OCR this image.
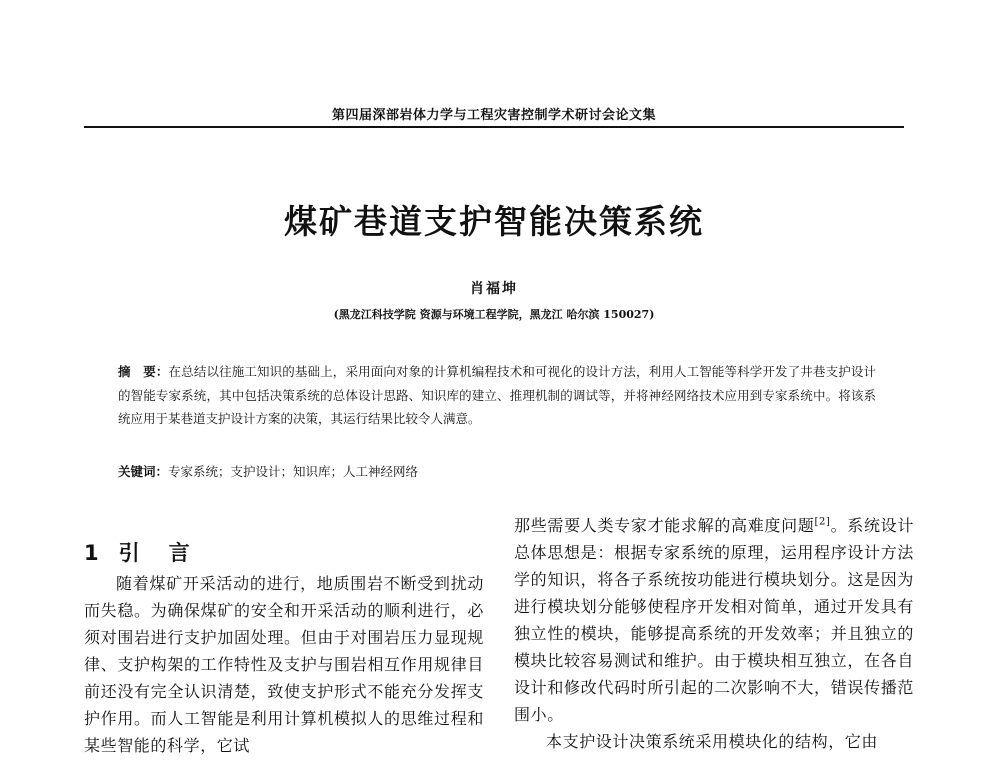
第四届深部岩体力学与工程灾害控制学术研讨会论文集
煤矿巷道支护智能决策系统
肖福坤
(黑龙江科技学院 资源与环境工程学院，黑龙江 哈尔滨 150027)
摘　要：在总结以往施工知识的基础上，采用面向对象的计算机编程技术和可视化的设计方法，利用人工智能等科学开发了井巷支护设计的智能专家系统，其中包括决策系统的总体设计思路、知识库的建立、推理机制的调试等，并将神经网络技术应用到专家系统中。将该系统应用于某巷道支护设计方案的决策，其运行结果比较令人满意。
关键词：专家系统；支护设计；知识库；人工神经网络
1 引　言
随着煤矿开采活动的进行，地质围岩不断受到扰动而失稳。为确保煤矿的安全和开采活动的顺利进行，必须对围岩进行支护加固处理。但由于对围岩压力显现规律、支护构架的工作特性及支护与围岩相互作用规律目前还没有完全认识清楚，致使支护形式不能充分发挥支护作用。而人工智能是利用计算机模拟人的思维过程和某些智能的科学，它试
那些需要人类专家才能求解的高难度问题[2]。系统设计总体思想是：根据专家系统的原理，运用程序设计方法学的知识，将各子系统按功能进行模块划分。这是因为进行模块划分能够使程序开发相对简单，通过开发具有独立性的模块，能够提高系统的开发效率；并且独立的模块比较容易测试和维护。由于模块相互独立，在各自设计和修改代码时所引起的二次影响不大，错误传播范围小。
本支护设计决策系统采用模块化的结构，它由
